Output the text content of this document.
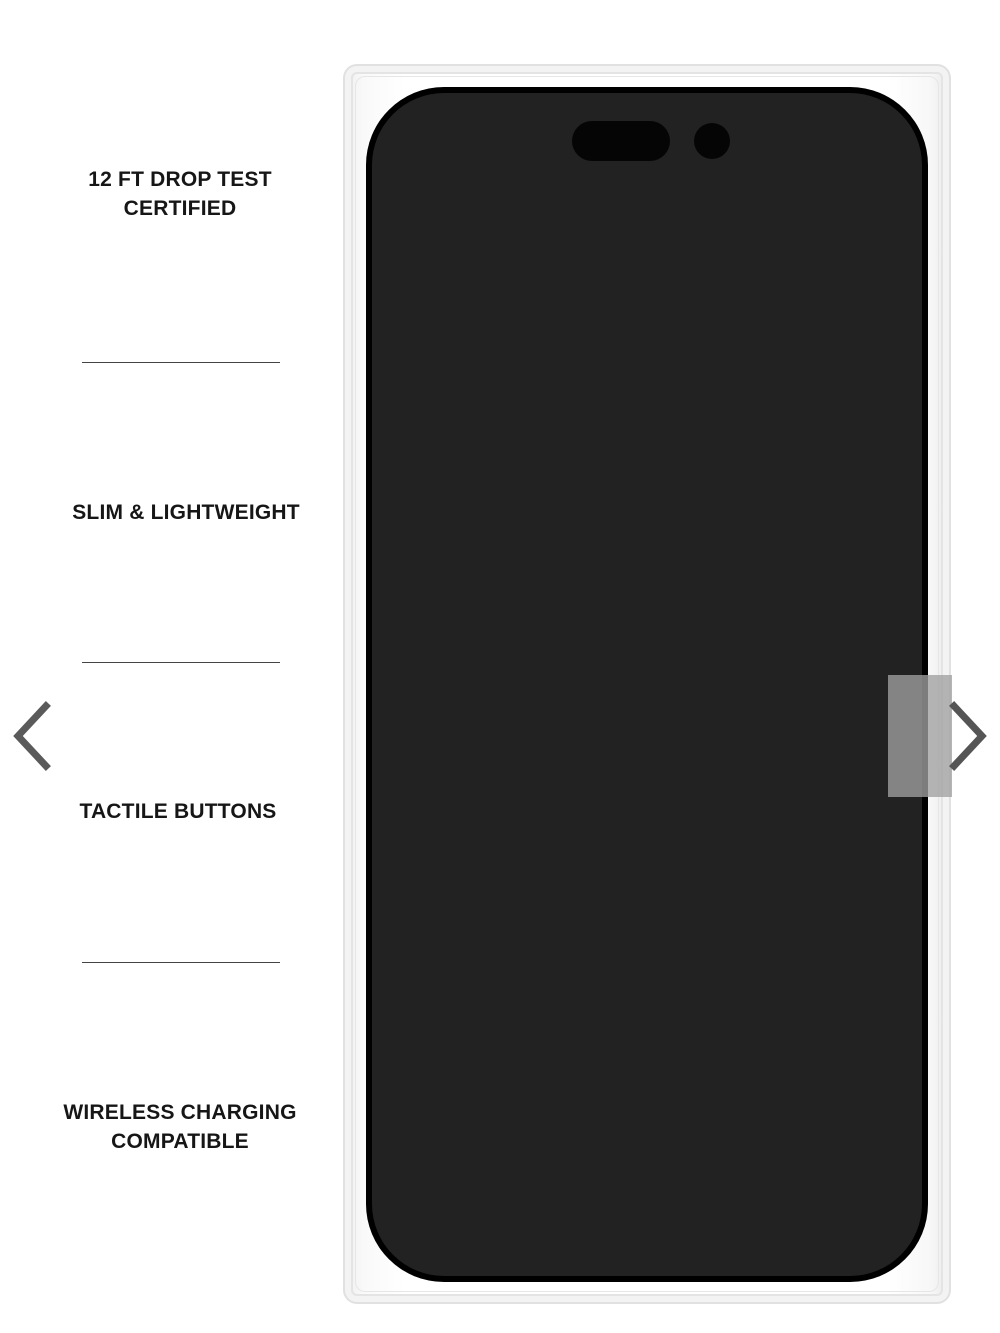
12 FT DROP TEST
CERTIFIED
SLIM & LIGHTWEIGHT
TACTILE BUTTONS
WIRELESS CHARGING
COMPATIBLE
